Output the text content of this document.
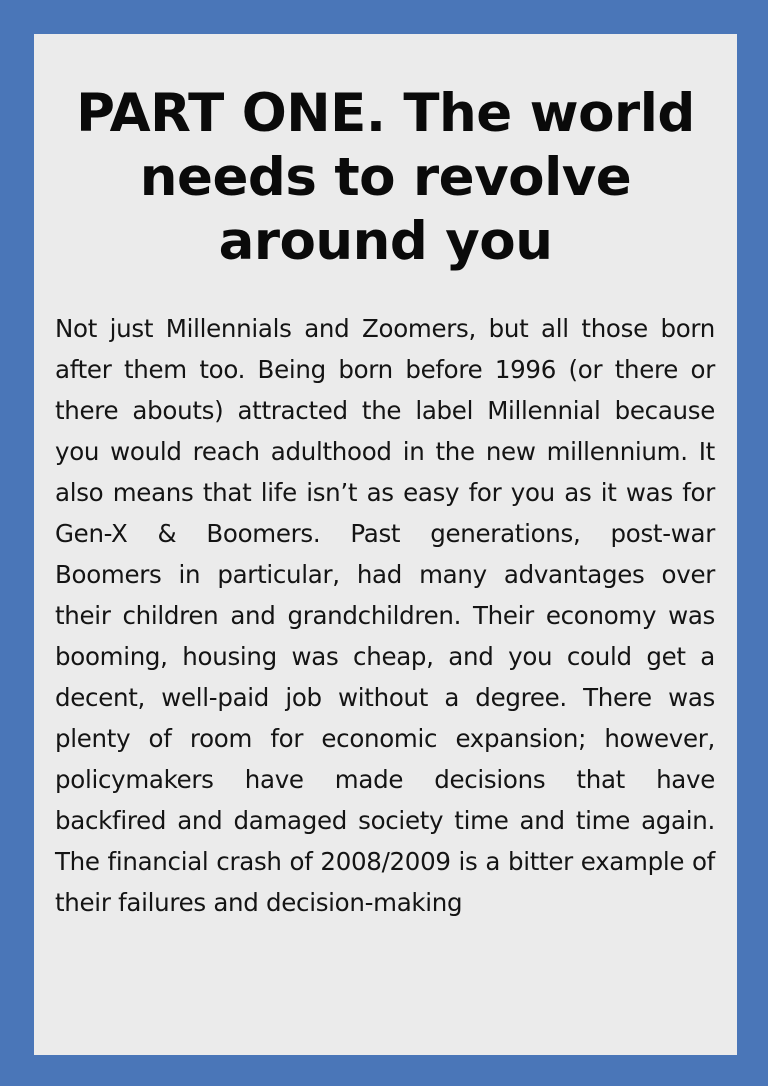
PART ONE. The world needs to revolve around you

Not just Millennials and Zoomers, but all those born after them too. Being born before 1996 (or there or there abouts) attracted the label Millennial because you would reach adulthood in the new millennium. It also means that life isn’t as easy for you as it was for Gen-X & Boomers. Past generations, post-war Boomers in particular, had many advantages over their children and grandchildren. Their economy was booming, housing was cheap, and you could get a decent, well-paid job without a degree. There was plenty of room for economic expansion; however, policymakers have made decisions that have backfired and damaged society time and time again. The financial crash of 2008/2009 is a bitter example of their failures and decision-making
